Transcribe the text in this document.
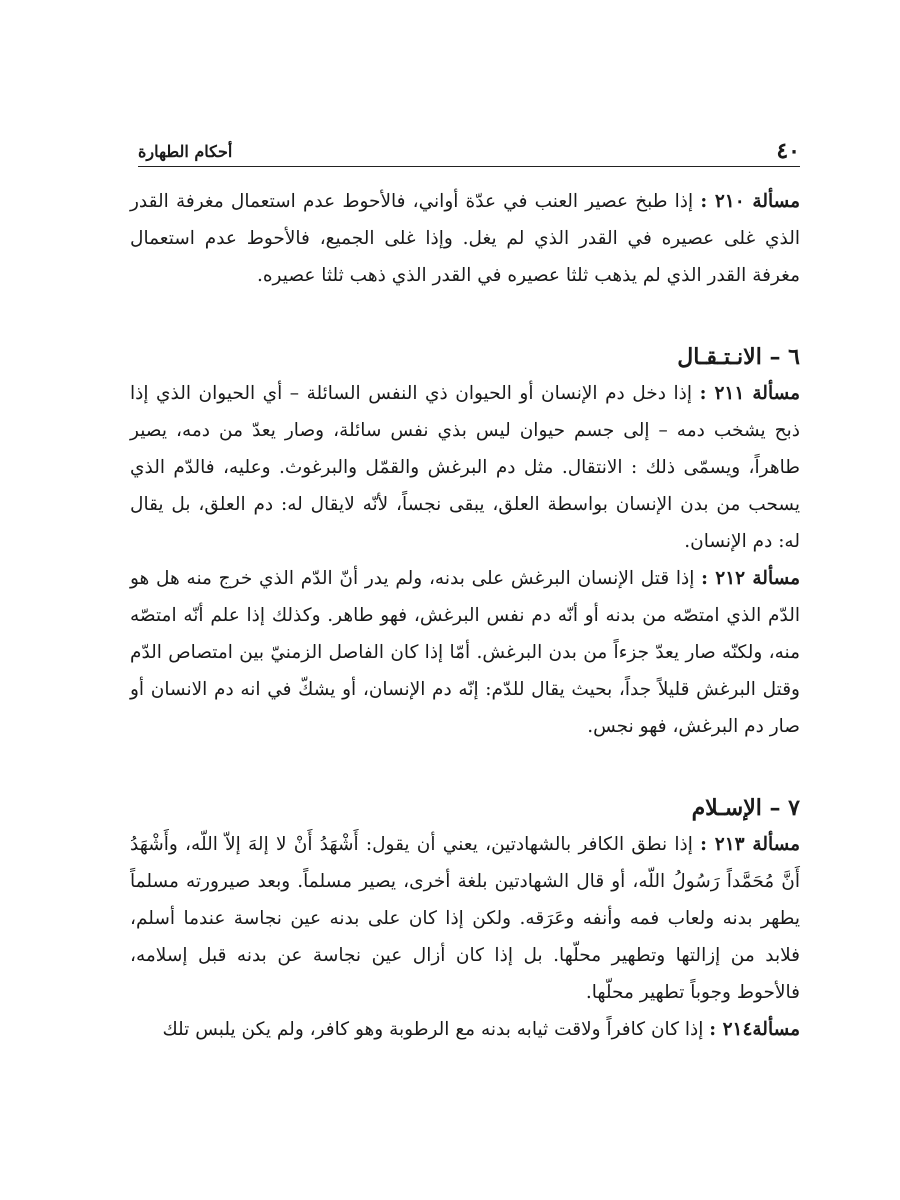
٤٠
أحكام الطهارة

مسألة ٢١٠ : إذا طبخ عصير العنب في عدّة أواني، فالأحوط عدم استعمال مغرفة القدر الذي غلى عصيره في القدر الذي لم يغل. وإذا غلى الجميع، فالأحوط عدم استعمال مغرفة القدر الذي لم يذهب ثلثا عصيره في القدر الذي ذهب ثلثا عصيره.

٦ – الانـتـقـال

مسألة ٢١١ : إذا دخل دم الإنسان أو الحيوان ذي النفس السائلة – أي الحيوان الذي إذا ذبح يشخب دمه – إلى جسم حيوان ليس بذي نفس سائلة، وصار يعدّ من دمه، يصير طاهراً، ويسمّى ذلك : الانتقال. مثل دم البرغش والقمّل والبرغوث. وعليه، فالدّم الذي يسحب من بدن الإنسان بواسطة العلق، يبقى نجساً، لأنّه لايقال له: دم العلق، بل يقال له: دم الإنسان.

مسألة ٢١٢ : إذا قتل الإنسان البرغش على بدنه، ولم يدر أنّ الدّم الذي خرج منه هل هو الدّم الذي امتصّه من بدنه أو أنّه دم نفس البرغش، فهو طاهر. وكذلك إذا علم أنّه امتصّه منه، ولكنّه صار يعدّ جزءاً من بدن البرغش. أمّا إذا كان الفاصل الزمنيّ بين امتصاص الدّم وقتل البرغش قليلاً جداً، بحيث يقال للدّم: إنّه دم الإنسان، أو يشكّ في انه دم الانسان أو صار دم البرغش، فهو نجس.

٧ – الإسـلام

مسألة ٢١٣ : إذا نطق الكافر بالشهادتين، يعني أن يقول: أَشْهَدُ أَنْ لا إلهَ إلاّ اللّه، وأَشْهَدُ أَنَّ مُحَمَّداً رَسُولُ اللّه، أو قال الشهادتين بلغة أخرى، يصير مسلماً. وبعد صيرورته مسلماً يطهر بدنه ولعاب فمه وأنفه وعَرَقه. ولكن إذا كان على بدنه عين نجاسة عندما أسلم، فلابد من إزالتها وتطهير محلّها. بل إذا كان أزال عين نجاسة عن بدنه قبل إسلامه، فالأحوط وجوباً تطهير محلّها.

مسألة٢١٤ : إذا كان كافراً ولاقت ثيابه بدنه مع الرطوبة وهو كافر، ولم يكن يلبس تلك
